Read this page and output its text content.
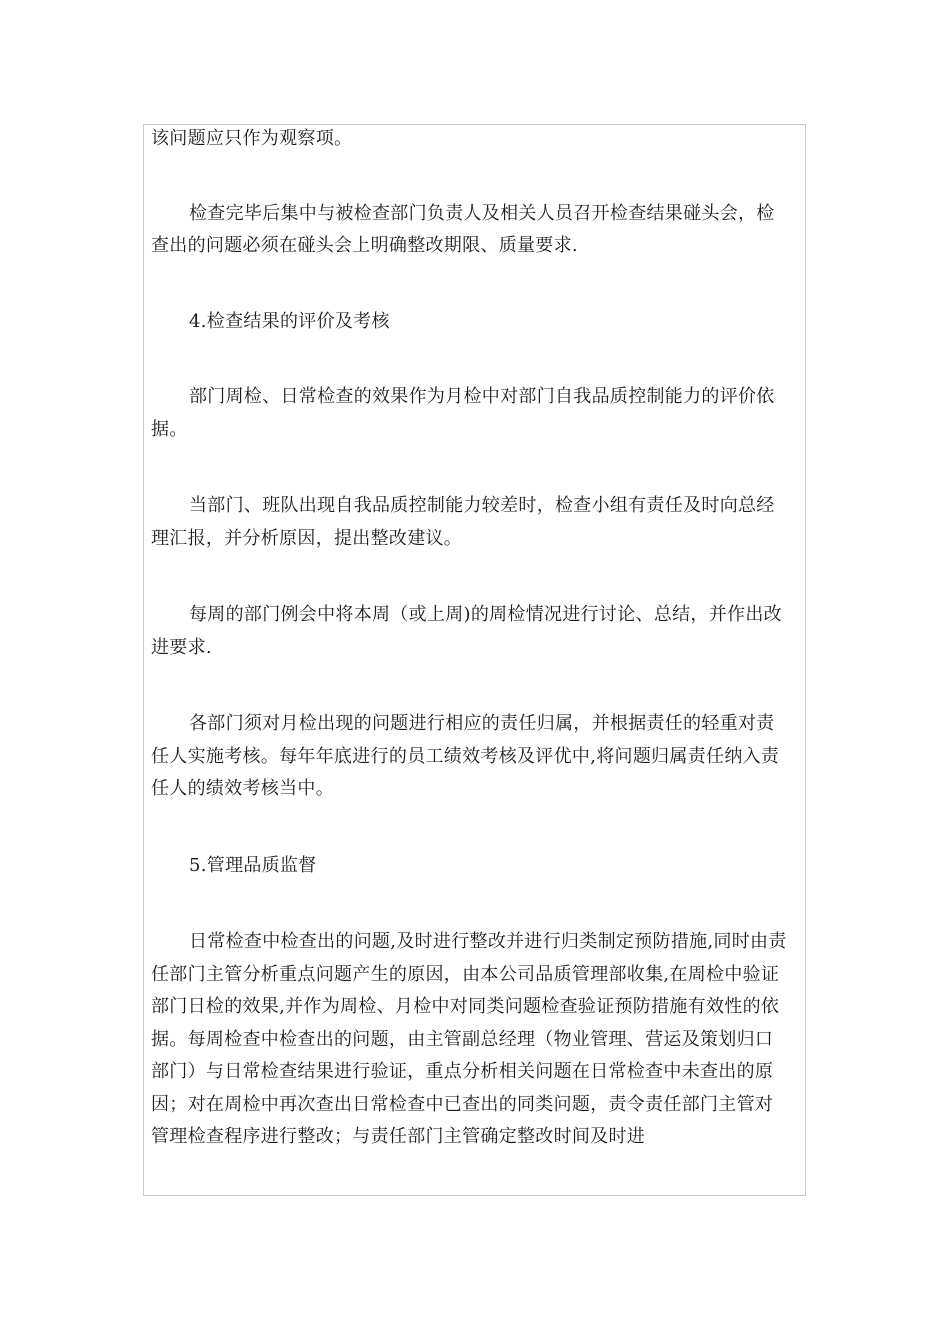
该问题应只作为观察项。

检查完毕后集中与被检查部门负责人及相关人员召开检查结果碰头会，检查出的问题必须在碰头会上明确整改期限、质量要求.

4.检查结果的评价及考核

部门周检、日常检查的效果作为月检中对部门自我品质控制能力的评价依据。

当部门、班队出现自我品质控制能力较差时，检查小组有责任及时向总经理汇报，并分析原因，提出整改建议。

每周的部门例会中将本周（或上周)的周检情况进行讨论、总结，并作出改进要求.

各部门须对月检出现的问题进行相应的责任归属，并根据责任的轻重对责任人实施考核。每年年底进行的员工绩效考核及评优中,将问题归属责任纳入责任人的绩效考核当中。

5.管理品质监督

日常检查中检查出的问题,及时进行整改并进行归类制定预防措施,同时由责任部门主管分析重点问题产生的原因，由本公司品质管理部收集,在周检中验证部门日检的效果,并作为周检、月检中对同类问题检查验证预防措施有效性的依据。每周检查中检查出的问题，由主管副总经理（物业管理、营运及策划归口部门）与日常检查结果进行验证，重点分析相关问题在日常检查中未查出的原因；对在周检中再次查出日常检查中已查出的同类问题，责令责任部门主管对管理检查程序进行整改；与责任部门主管确定整改时间及时进
